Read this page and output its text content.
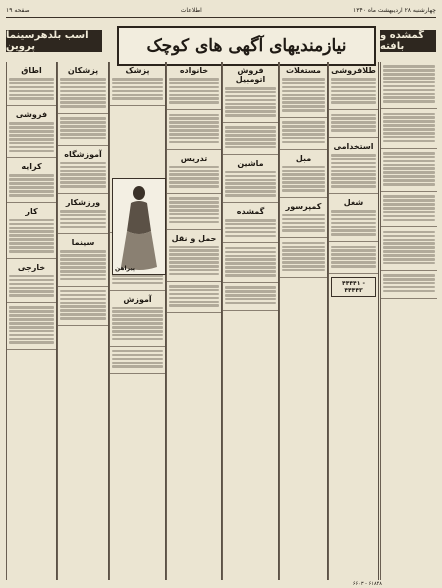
صفحه ۱۹	اطلاعات	چهارشنبه ۲۸ اردیبهشت ماه ۱۳۴۰
اسب بلدهرسینما پروین
گمشده و بافته
نیازمندیهای آگهی های کوچک
اطاق
فروشی
کرایه
کار
خارجی
پزشکان
آموزشگاه
ورزشکار
سینما
پزشک
آموزش
پیراهن
خانواده
تدریس
حمل و نقل
فروش اتومبیل
ماشین
گمشده
مستغلات
مبل
کمپرسور
طلافروشی
استخدامی
شغل
۴۴۴۴۱ - ۴۴۴۴۳
۶۶۰۳ - ۶۱۸۴۸
